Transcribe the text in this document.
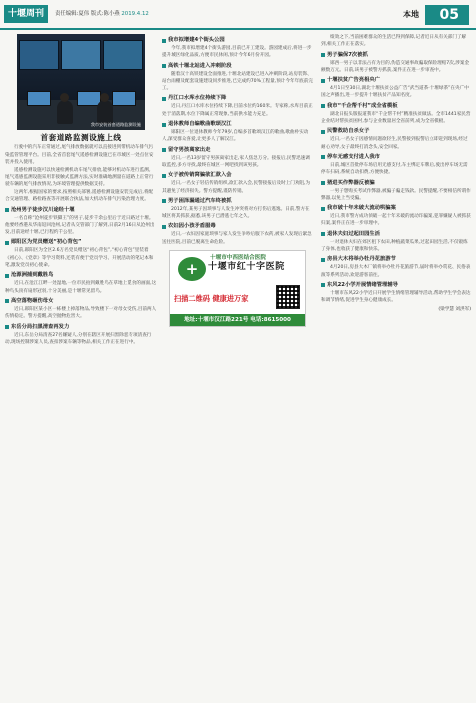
十堰周刊	责任编辑:夏伟 版式:陈小燕 2019.4.12	本地	05
我市安装首套道路监测设施
首套道路监测设施上线

行驶中的汽车正常通过,尾气排放数据就可以直接进到带机动车排气污染监管管理平台。目前,全省首套尾气遥感检测设施已在市城区一处点位安装并投入使用。

遥感检测设施可以快速检测机动车尾气排放,能够对机动车进行监测。尾气遥感监测设施采用非接触式监测方法,实时准确地测量在道路上正常行驶车辆的尾气排放情况,为环境管理提供数据支持。

这两年,根据国家的要求,按照相关部署,遥感检测设施安装完成后,将配合交通管理、路检路查等开展联合执法,加大机动车排气污染治理力度。

沧州男子徒步汉川途经十堰

一名自称“沧州徒步铁脚王”的男子,徒步千余公里后于近日路过十堰。他要经香港从华南返回沧州,记者从交管部门了解到,日前2月16日从沧州出发,目前途经十堰,已行程约千公里。

郧阳区为党员赠送“初心背包”

日前,郧阳区为全区2.6万名党员赠送“初心背包”,“初心背包”里装着《初心》、《党章》等学习资料,还装有便于党员学习、开展活动的笔记本和笔,激发党员初心使命。

沧源洲捕到戴胜鸟

近日,在沧江江畔一处湿地,一位市民拍到戴胜鸟在草地上觅食的画面,这种鸟头顶有扇形冠羽,十分美丽,是十堰常见留鸟。

高空落物砸伤母女

近日,郧阳区某小区一栋楼上掉落物品,导致楼下一对母女受伤,目前两人伤情稳定。警方提醒,高空抛物危害大。

东岳分局扫黑清查再发力

近日,东岳分局清查27名嫌疑人,分别在辖区开展扫黑除恶专项清查行动,现场控制涉案人员,查扣涉案车辆等物品,相关工作正在进行中。

我市拟增建4个街头公园

今年,我市拟增建4个街头游园,目前已开工建设。游园建成后,将进一步提升城区绿化品质,方便市民休闲,预计今年6月份开园。

高铁十堰北站进入冲刺阶段

随着汉十高铁建设全面推进,十堰北站建设已进入冲刺阶段,站房装饰、站台雨棚及配套设施建设同步推进,已完成约70%工程量,预计今年年底前完工。

丹江口水库水位持续下降

近日,丹江口水库水位持续下降,目前水位约160米。专家称,水库目前正处于消落期,水位下降属正常现象,当前供水能力充足。

退休教师自编歌曲歌颂汉江

郧阳区一位退休教师今年79岁,自编多首歌颂汉江的歌曲,歌曲朴实动人,深受群众喜爱,让更多人了解汉江。

留守男孩离家出走

近日,一名13岁留守男孩离家出走,家人焦急万分。接报后,民警迅速调取监控,多方寻找,最终在城区一网吧找到该男孩。

女子被传销窝骗欲汇款入会

近日,一名女子轻信传销组织,欲汇款入会,民警接报后及时上门劝阻,为其避免了经济损失。警方提醒,谨防传销。

男子困泽漏通过汽车终被抓

2012年,某男子因琐事与人发生冲突将对方打伤后逃逸。日前,警方在城区将其抓获,据悉,该男子已潜逃七年之久。

农妇因小孩矛盾服毒

近日,一农妇因家庭琐事与家人发生争吵后服下农药,被家人发现后紧急送往医院,目前已脱离生命危险。

+
十堰市中西医结合医院
十堰市红十字医院
扫描二维码 健康进万家
地址:十堰市汉江路221号 电话:8615000

绩效之下,当前困难群众的生活已得到保障,记者近日从有关部门了解到,相关工作正在落实。

男子骗保7次被抓

郧西一男子以非法占有为目的,伪造交通事故骗取保险理赔7次,涉案金额数万元。日前,该男子被警方抓获,案件正在进一步审查中。

十堰扶贫广告亮相央广

4月1日至30日,湖北十堰扶贫公益广告“武当道茶·十堰绿茶”在央广中国之声播出,进一步提升十堰扶贫产品知名度。

我市“千企帮千村”成全省模板

湖北日报头版报道我市“千企帮千村”精准扶贫做法。全市1441家民营企业结对帮扶贫困村,参与企业数量居全省前列,成为全省模板。

民警救助自杀女子

近日,一名女子因感情问题欲轻生,民警接到报警后立即赶到现场,经过耐心劝导,女子最终打消念头,安全回家。

停车无感支付进人我市

日前,城区首批停车场启用无感支付,车主绑定车牌后,驶出停车场无需停车扫码,系统自动扣费,方便快捷。

猪进买作弊器反被骗

一男子想购买考试作弊器,被骗子骗走钱款。民警提醒,不要相信所谓作弊器,以免上当受骗。

我市破十年未破大流动哄骗案

近日,我市警方成功侦破一起十年未破的流动诈骗案,犯罪嫌疑人被抓获归案,案件正在进一步审理中。

退休夫妇过起田园生活

一对退休夫妇在郊区租下农田,种植蔬菜瓜果,过起田园生活,不仅锻炼了身体,也收获了健康和快乐。

房县大木将举办牡丹花旅游节

4月20日,房县大木厂镇将举办牡丹花旅游节,届时将举办赏花、民俗表演等系列活动,欢迎游客前往。

东风22小学开展情绪管理辅导

十堰市东风22小学近日开展学生情绪管理辅导活动,帮助学生学会表达和调节情绪,促进学生身心健康成长。

(梁学慧 刘洪军)
